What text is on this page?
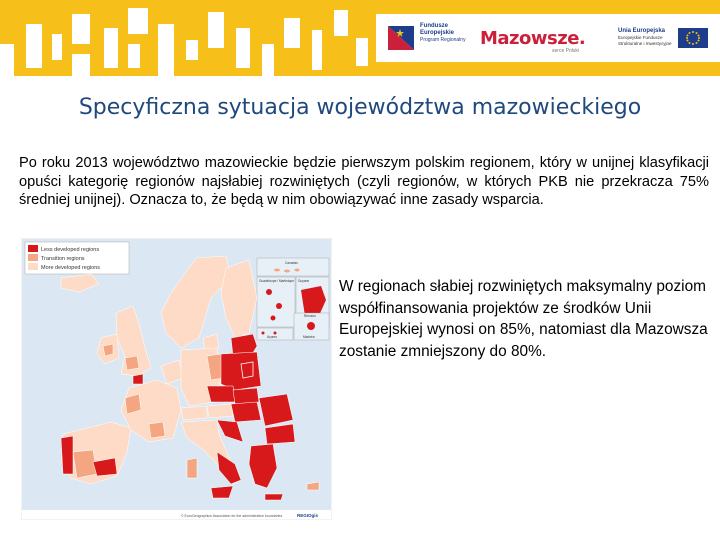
Fundusze
Europejskie
Program Regionalny Mazowsze.
serce Polski
Unia Europejska
Europejskie Fundusze
Strukturalne i Inwestycyjne
Specyficzna sytuacja województwa mazowieckiego
Po roku 2013 województwo mazowieckie będzie pierwszym polskim regionem, który w unijnej klasyfikacji opuści kategorię regionów najsłabiej rozwiniętych (czyli regionów, w których PKB nie przekracza 75% średniej unijnej). Oznacza to, że będą w nim obowiązywać inne zasady wsparcia.
Less developed regions
Transition regions
More developed regions
Canarias
Guadeloupe / Martinique Guyane
Açores
Réunion
Madeira
© EuroGeographics Association for the administrative boundaries	REGIOgis
W regionach słabiej rozwiniętych maksymalny poziom współfinansowania projektów ze środków Unii Europejskiej wynosi on 85%, natomiast dla Mazowsza zostanie zmniejszony do 80%.
